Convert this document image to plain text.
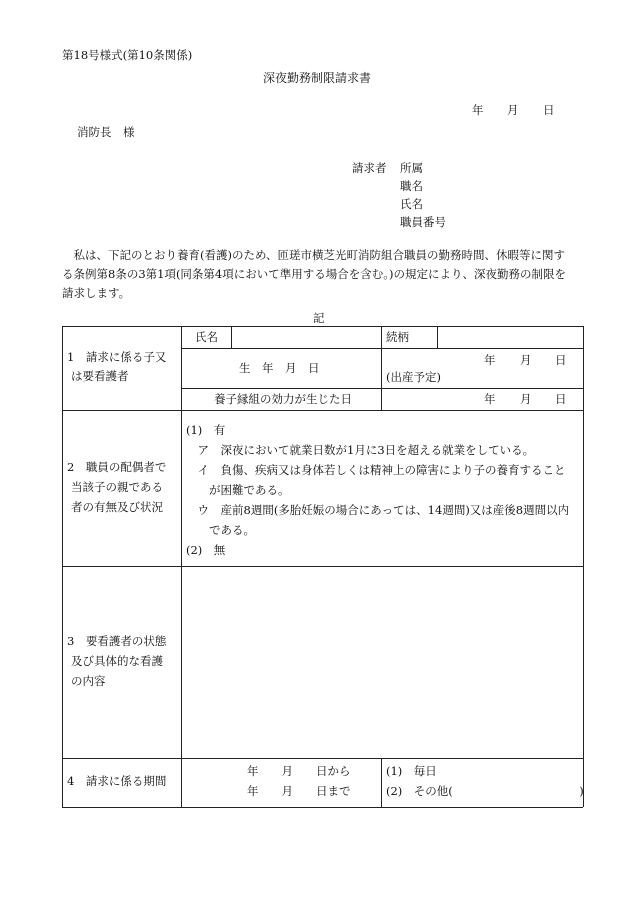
第18号様式(第10条関係)
深夜勤務制限請求書
年 月 日
消防長　様
請求者 所属
職名
氏名
職員番号
　私は、下記のとおり養育(看護)のため、匝瑳市横芝光町消防組合職員の勤務時間、休暇等に関す
る条例第8条の3第1項(同条第4項において準用する場合を含む。)の規定により、深夜勤務の制限を
請求します。
記
1　請求に係る子又
は要看護者
氏名	続柄
生　年　月　日
年 月 日
(出産予定)
養子縁組の効力が生じた日	年 月 日
2　職員の配偶者で
当該子の親である
者の有無及び状況
(1)　有
　ア　深夜において就業日数が1月に3日を超える就業をしている。
　イ　負傷、疾病又は身体若しくは精神上の障害により子の養育すること
　　が困難である。
　ウ　産前8週間(多胎妊娠の場合にあっては、14週間)又は産後8週間以内
　　である。
(2)　無
3　要看護者の状態
及び具体的な看護
の内容
4　請求に係る期間
年　　月　　日から
年　　月　　日まで
(1)　毎日
(2)　その他(　　　　　　　　　　　)
